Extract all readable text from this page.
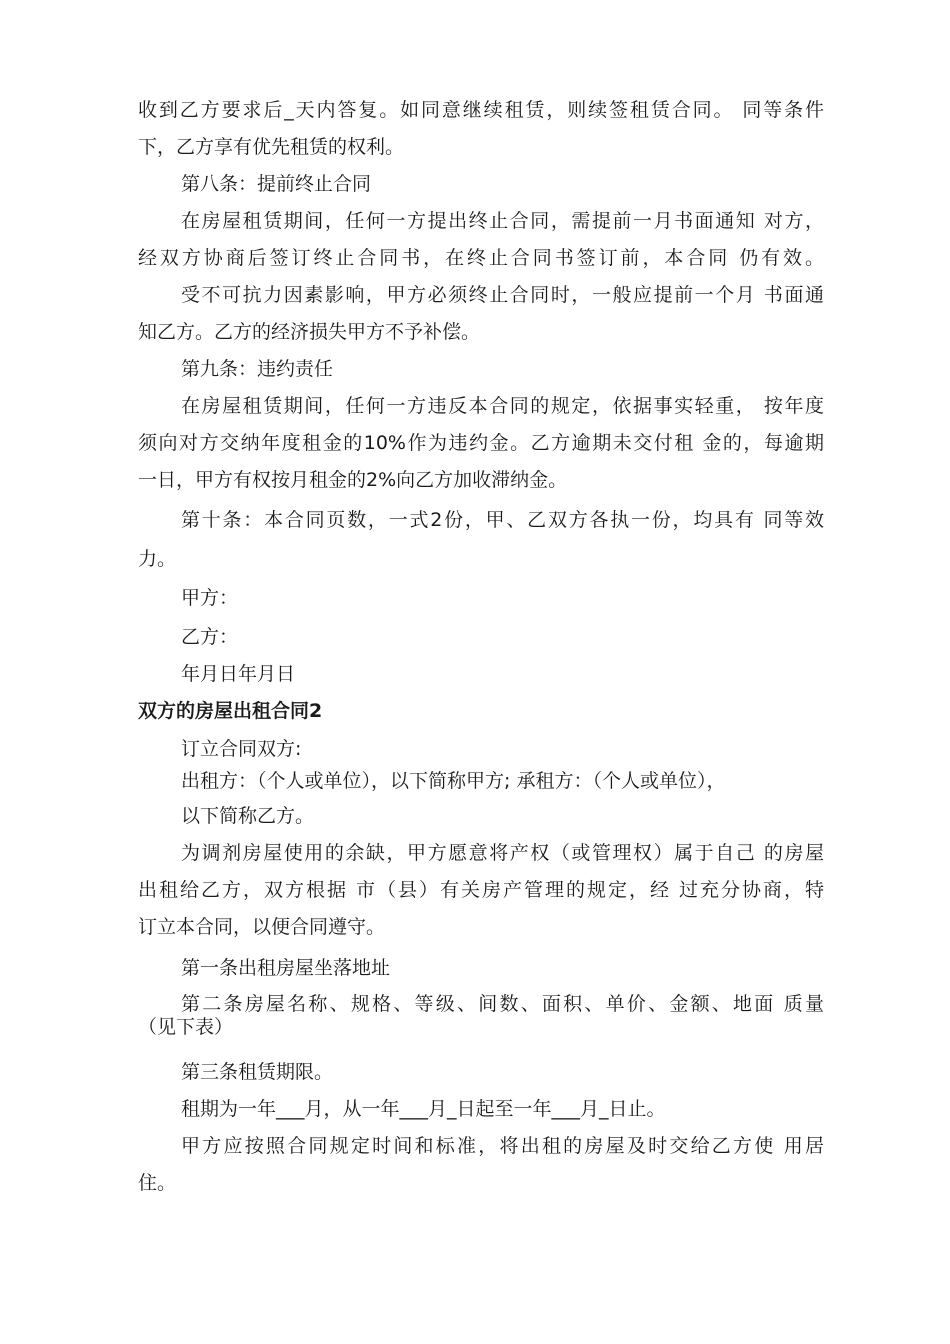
收到乙方要求后_天内答复。如同意继续租赁，则续签租赁合同。 同等条件

下，乙方享有优先租赁的权利。

第八条：提前终止合同

在房屋租赁期间，任何一方提出终止合同，需提前一月书面通知 对方，

经双方协商后签订终止合同书，在终止合同书签订前，本合同 仍有效。

受不可抗力因素影响，甲方必须终止合同时，一般应提前一个月 书面通

知乙方。乙方的经济损失甲方不予补偿。

第九条：违约责任

在房屋租赁期间，任何一方违反本合同的规定，依据事实轻重， 按年度

须向对方交纳年度租金的10%作为违约金。乙方逾期未交付租 金的，每逾期

一日，甲方有权按月租金的2%向乙方加收滞纳金。

第十条：本合同页数，一式2份，甲、乙双方各执一份，均具有 同等效

力。

甲方：

乙方：

年月日年月日

双方的房屋出租合同2

订立合同双方:

出租方：（个人或单位），以下简称甲方; 承租方：（个人或单位），

以下简称乙方。

为调剂房屋使用的余缺，甲方愿意将产权（或管理权）属于自己 的房屋

出租给乙方，双方根据 市（县）有关房产管理的规定，经 过充分协商，特

订立本合同，以便合同遵守。

第一条出租房屋坐落地址

第二条房屋名称、规格、等级、间数、面积、单价、金额、地面 质量

（见下表）

第三条租赁期限。

租期为一年___月，从一年___月_日起至一年___月_日止。

甲方应按照合同规定时间和标准，将出租的房屋及时交给乙方使 用居

住。
